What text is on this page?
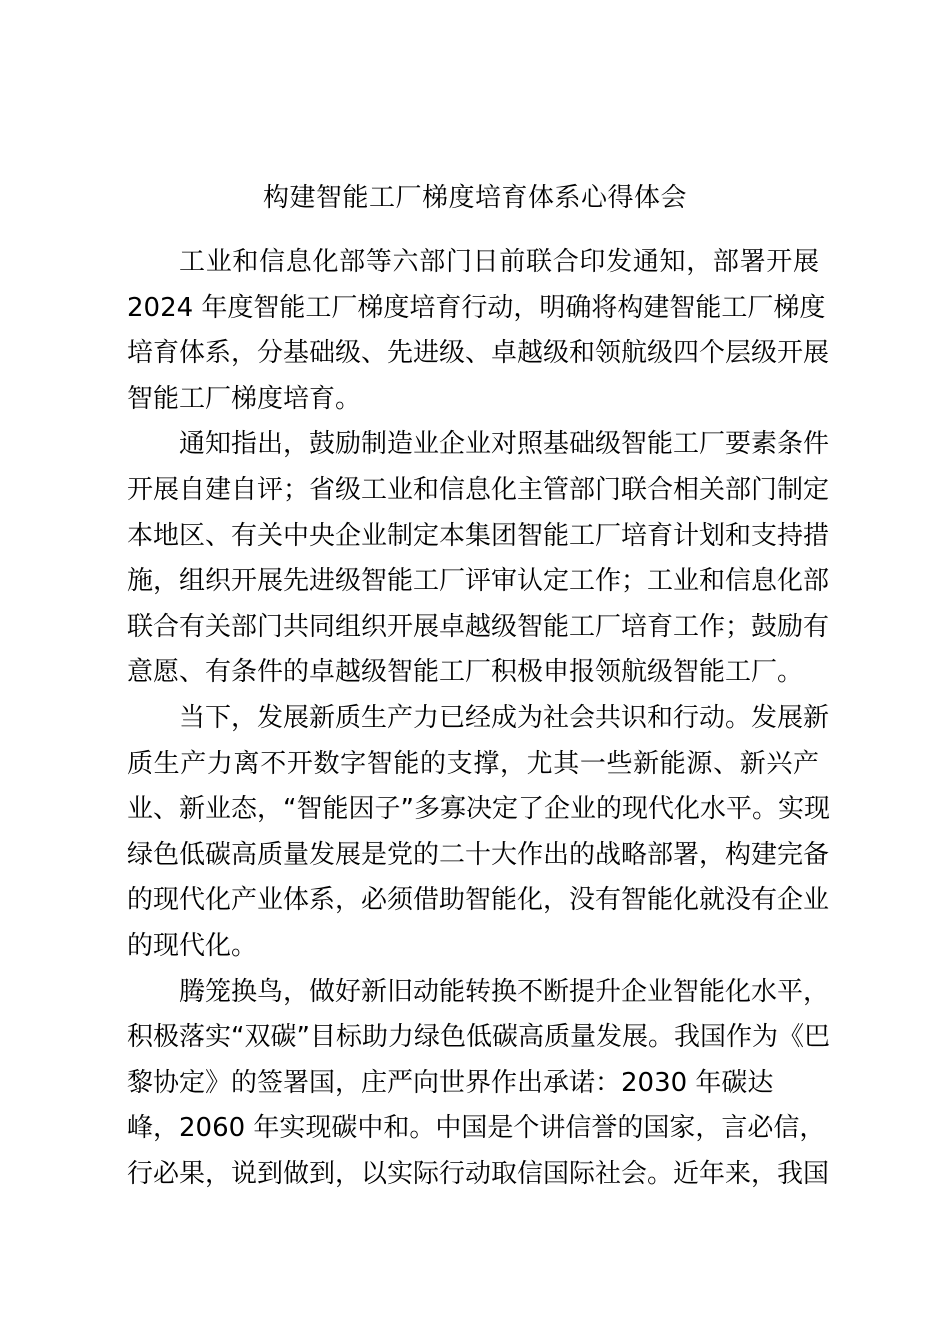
构建智能工厂梯度培育体系心得体会
工业和信息化部等六部门日前联合印发通知，部署开展
2024 年度智能工厂梯度培育行动，明确将构建智能工厂梯度
培育体系，分基础级、先进级、卓越级和领航级四个层级开展
智能工厂梯度培育。
通知指出，鼓励制造业企业对照基础级智能工厂要素条件
开展自建自评；省级工业和信息化主管部门联合相关部门制定
本地区、有关中央企业制定本集团智能工厂培育计划和支持措
施，组织开展先进级智能工厂评审认定工作；工业和信息化部
联合有关部门共同组织开展卓越级智能工厂培育工作；鼓励有
意愿、有条件的卓越级智能工厂积极申报领航级智能工厂。
当下，发展新质生产力已经成为社会共识和行动。发展新
质生产力离不开数字智能的支撑，尤其一些新能源、新兴产
业、新业态，“智能因子”多寡决定了企业的现代化水平。实现
绿色低碳高质量发展是党的二十大作出的战略部署，构建完备
的现代化产业体系，必须借助智能化，没有智能化就没有企业
的现代化。
腾笼换鸟，做好新旧动能转换不断提升企业智能化水平，
积极落实“双碳”目标助力绿色低碳高质量发展。我国作为《巴
黎协定》的签署国，庄严向世界作出承诺：2030 年碳达
峰，2060 年实现碳中和。中国是个讲信誉的国家，言必信，
行必果，说到做到，以实际行动取信国际社会。近年来，我国
